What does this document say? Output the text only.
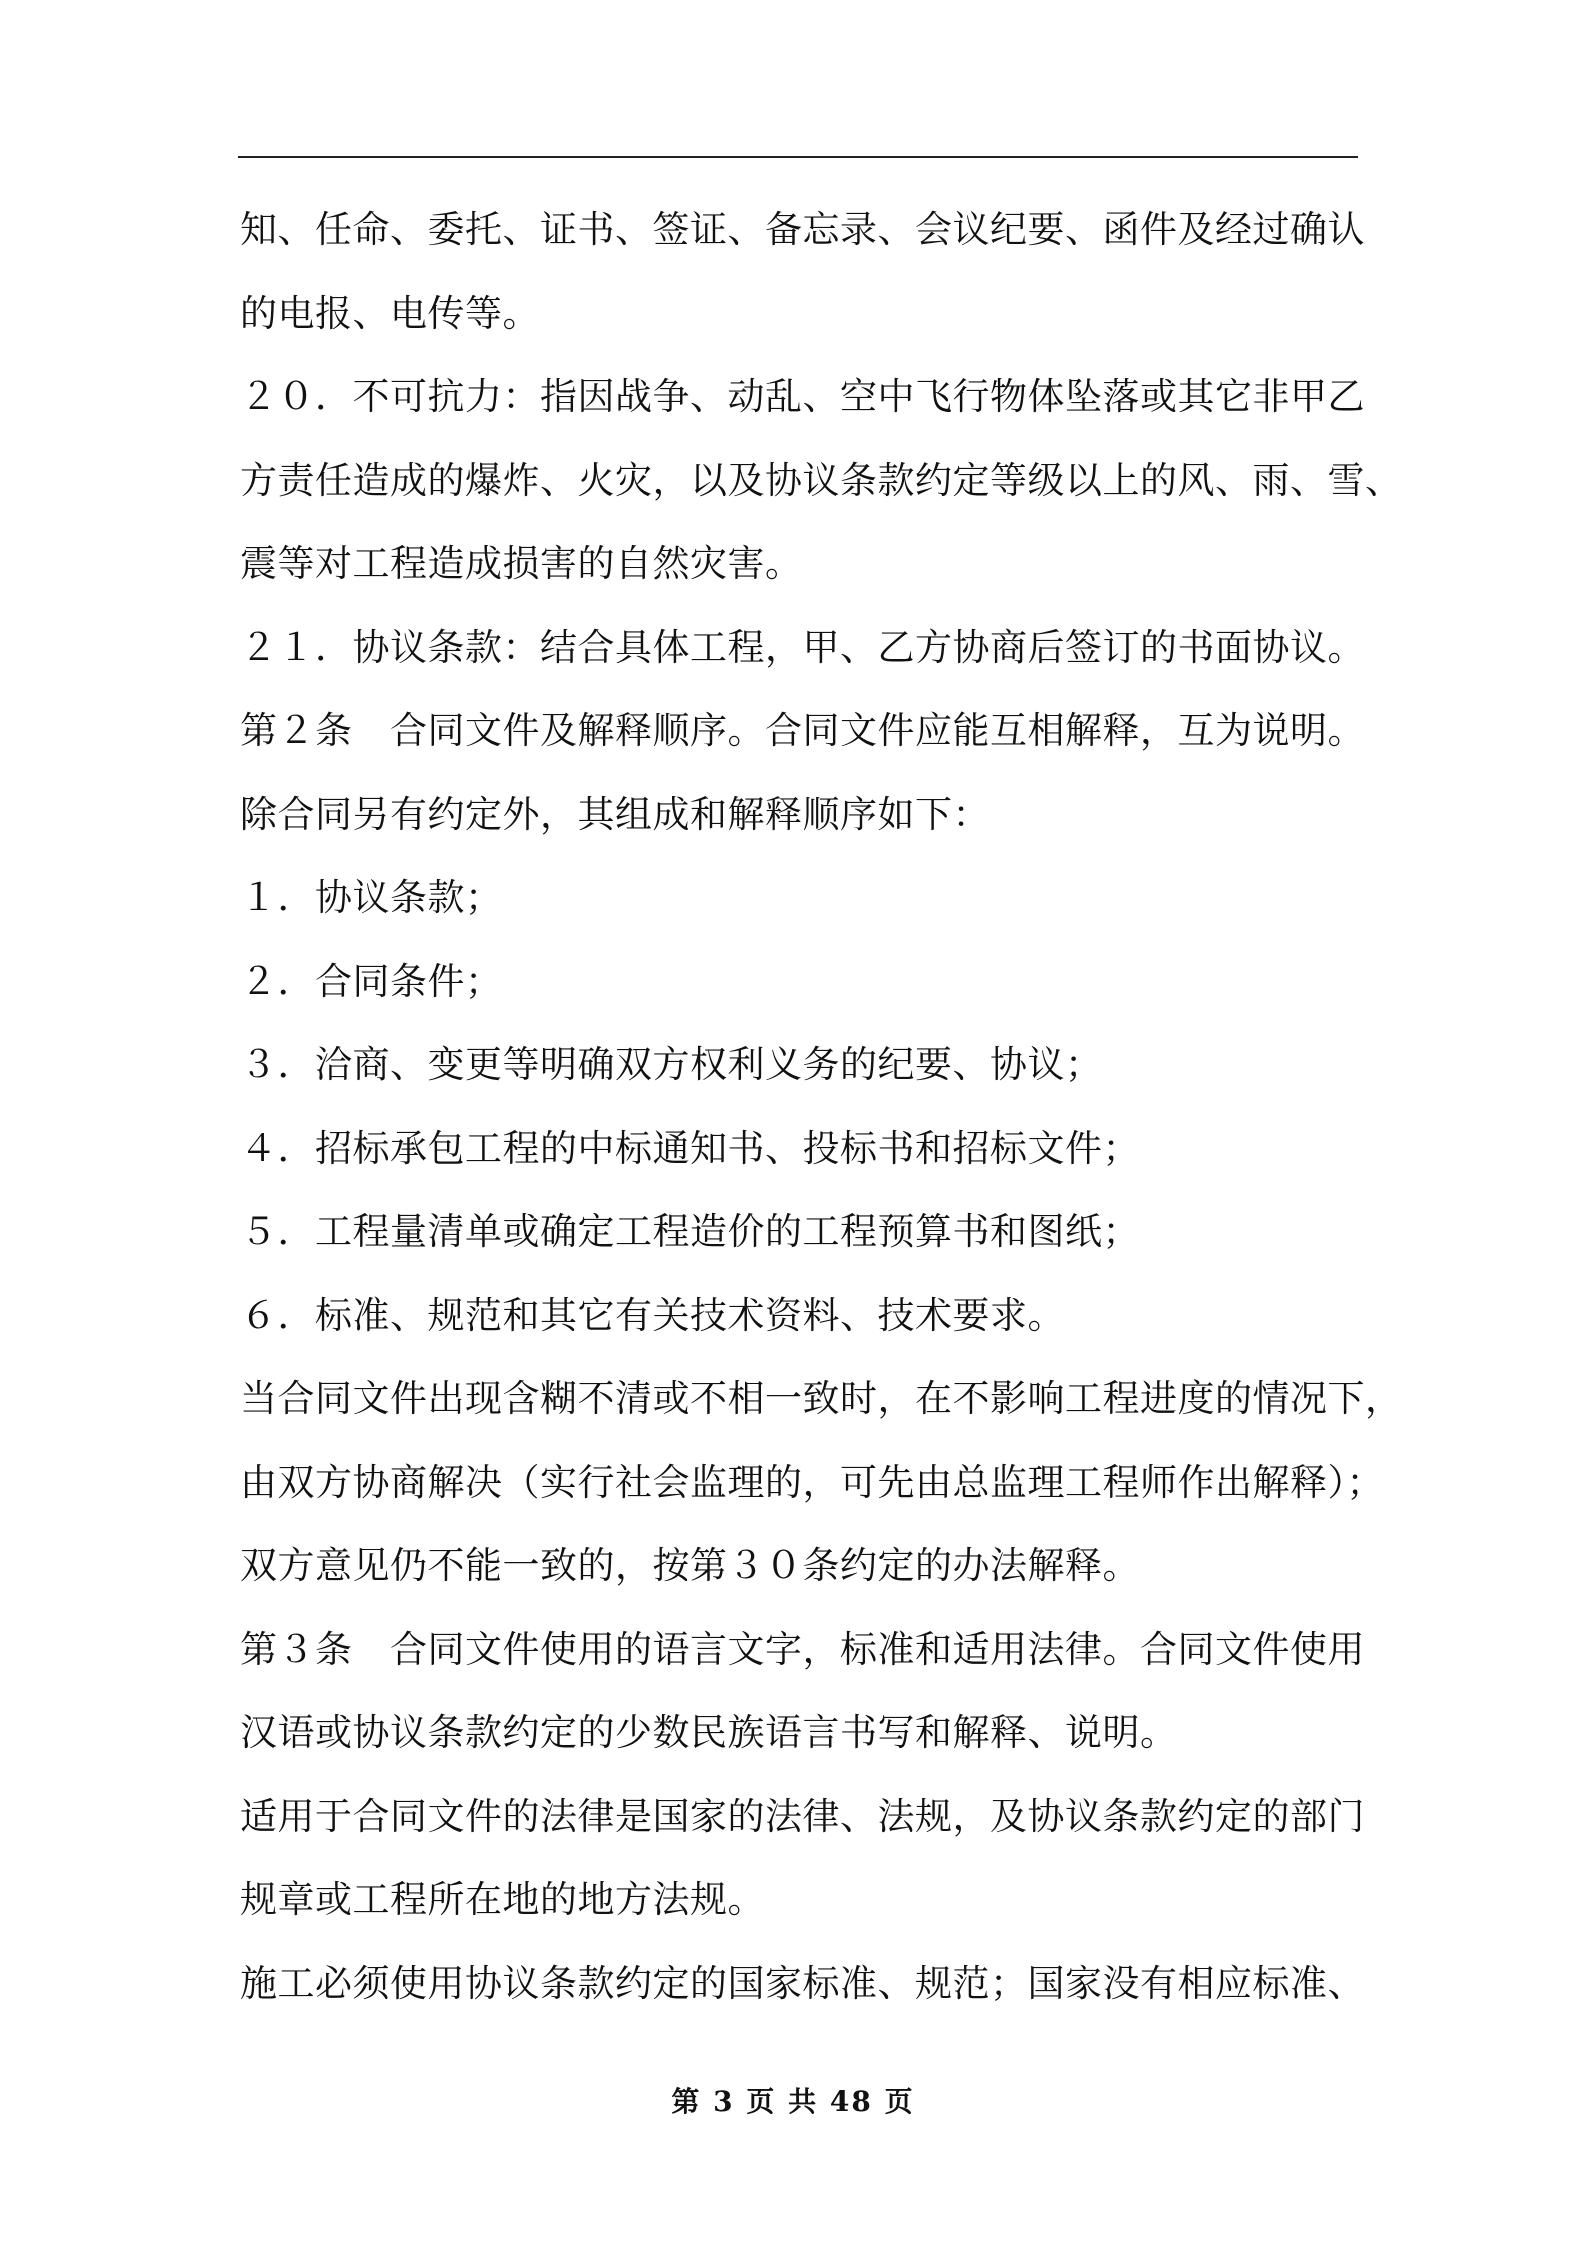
知、任命、委托、证书、签证、备忘录、会议纪要、函件及经过确认
的电报、电传等。
２０．不可抗力：指因战争、动乱、空中飞行物体坠落或其它非甲乙
方责任造成的爆炸、火灾，以及协议条款约定等级以上的风、雨、雪、
震等对工程造成损害的自然灾害。
２１．协议条款：结合具体工程，甲、乙方协商后签订的书面协议。
第２条　合同文件及解释顺序。合同文件应能互相解释，互为说明。
除合同另有约定外，其组成和解释顺序如下：
１．协议条款；
２．合同条件；
３．洽商、变更等明确双方权利义务的纪要、协议；
４．招标承包工程的中标通知书、投标书和招标文件；
５．工程量清单或确定工程造价的工程预算书和图纸；
６．标准、规范和其它有关技术资料、技术要求。
当合同文件出现含糊不清或不相一致时，在不影响工程进度的情况下，
由双方协商解决（实行社会监理的，可先由总监理工程师作出解释）；
双方意见仍不能一致的，按第３０条约定的办法解释。
第３条　合同文件使用的语言文字，标准和适用法律。合同文件使用
汉语或协议条款约定的少数民族语言书写和解释、说明。
适用于合同文件的法律是国家的法律、法规，及协议条款约定的部门
规章或工程所在地的地方法规。
施工必须使用协议条款约定的国家标准、规范；国家没有相应标准、
第 3 页 共 48 页
